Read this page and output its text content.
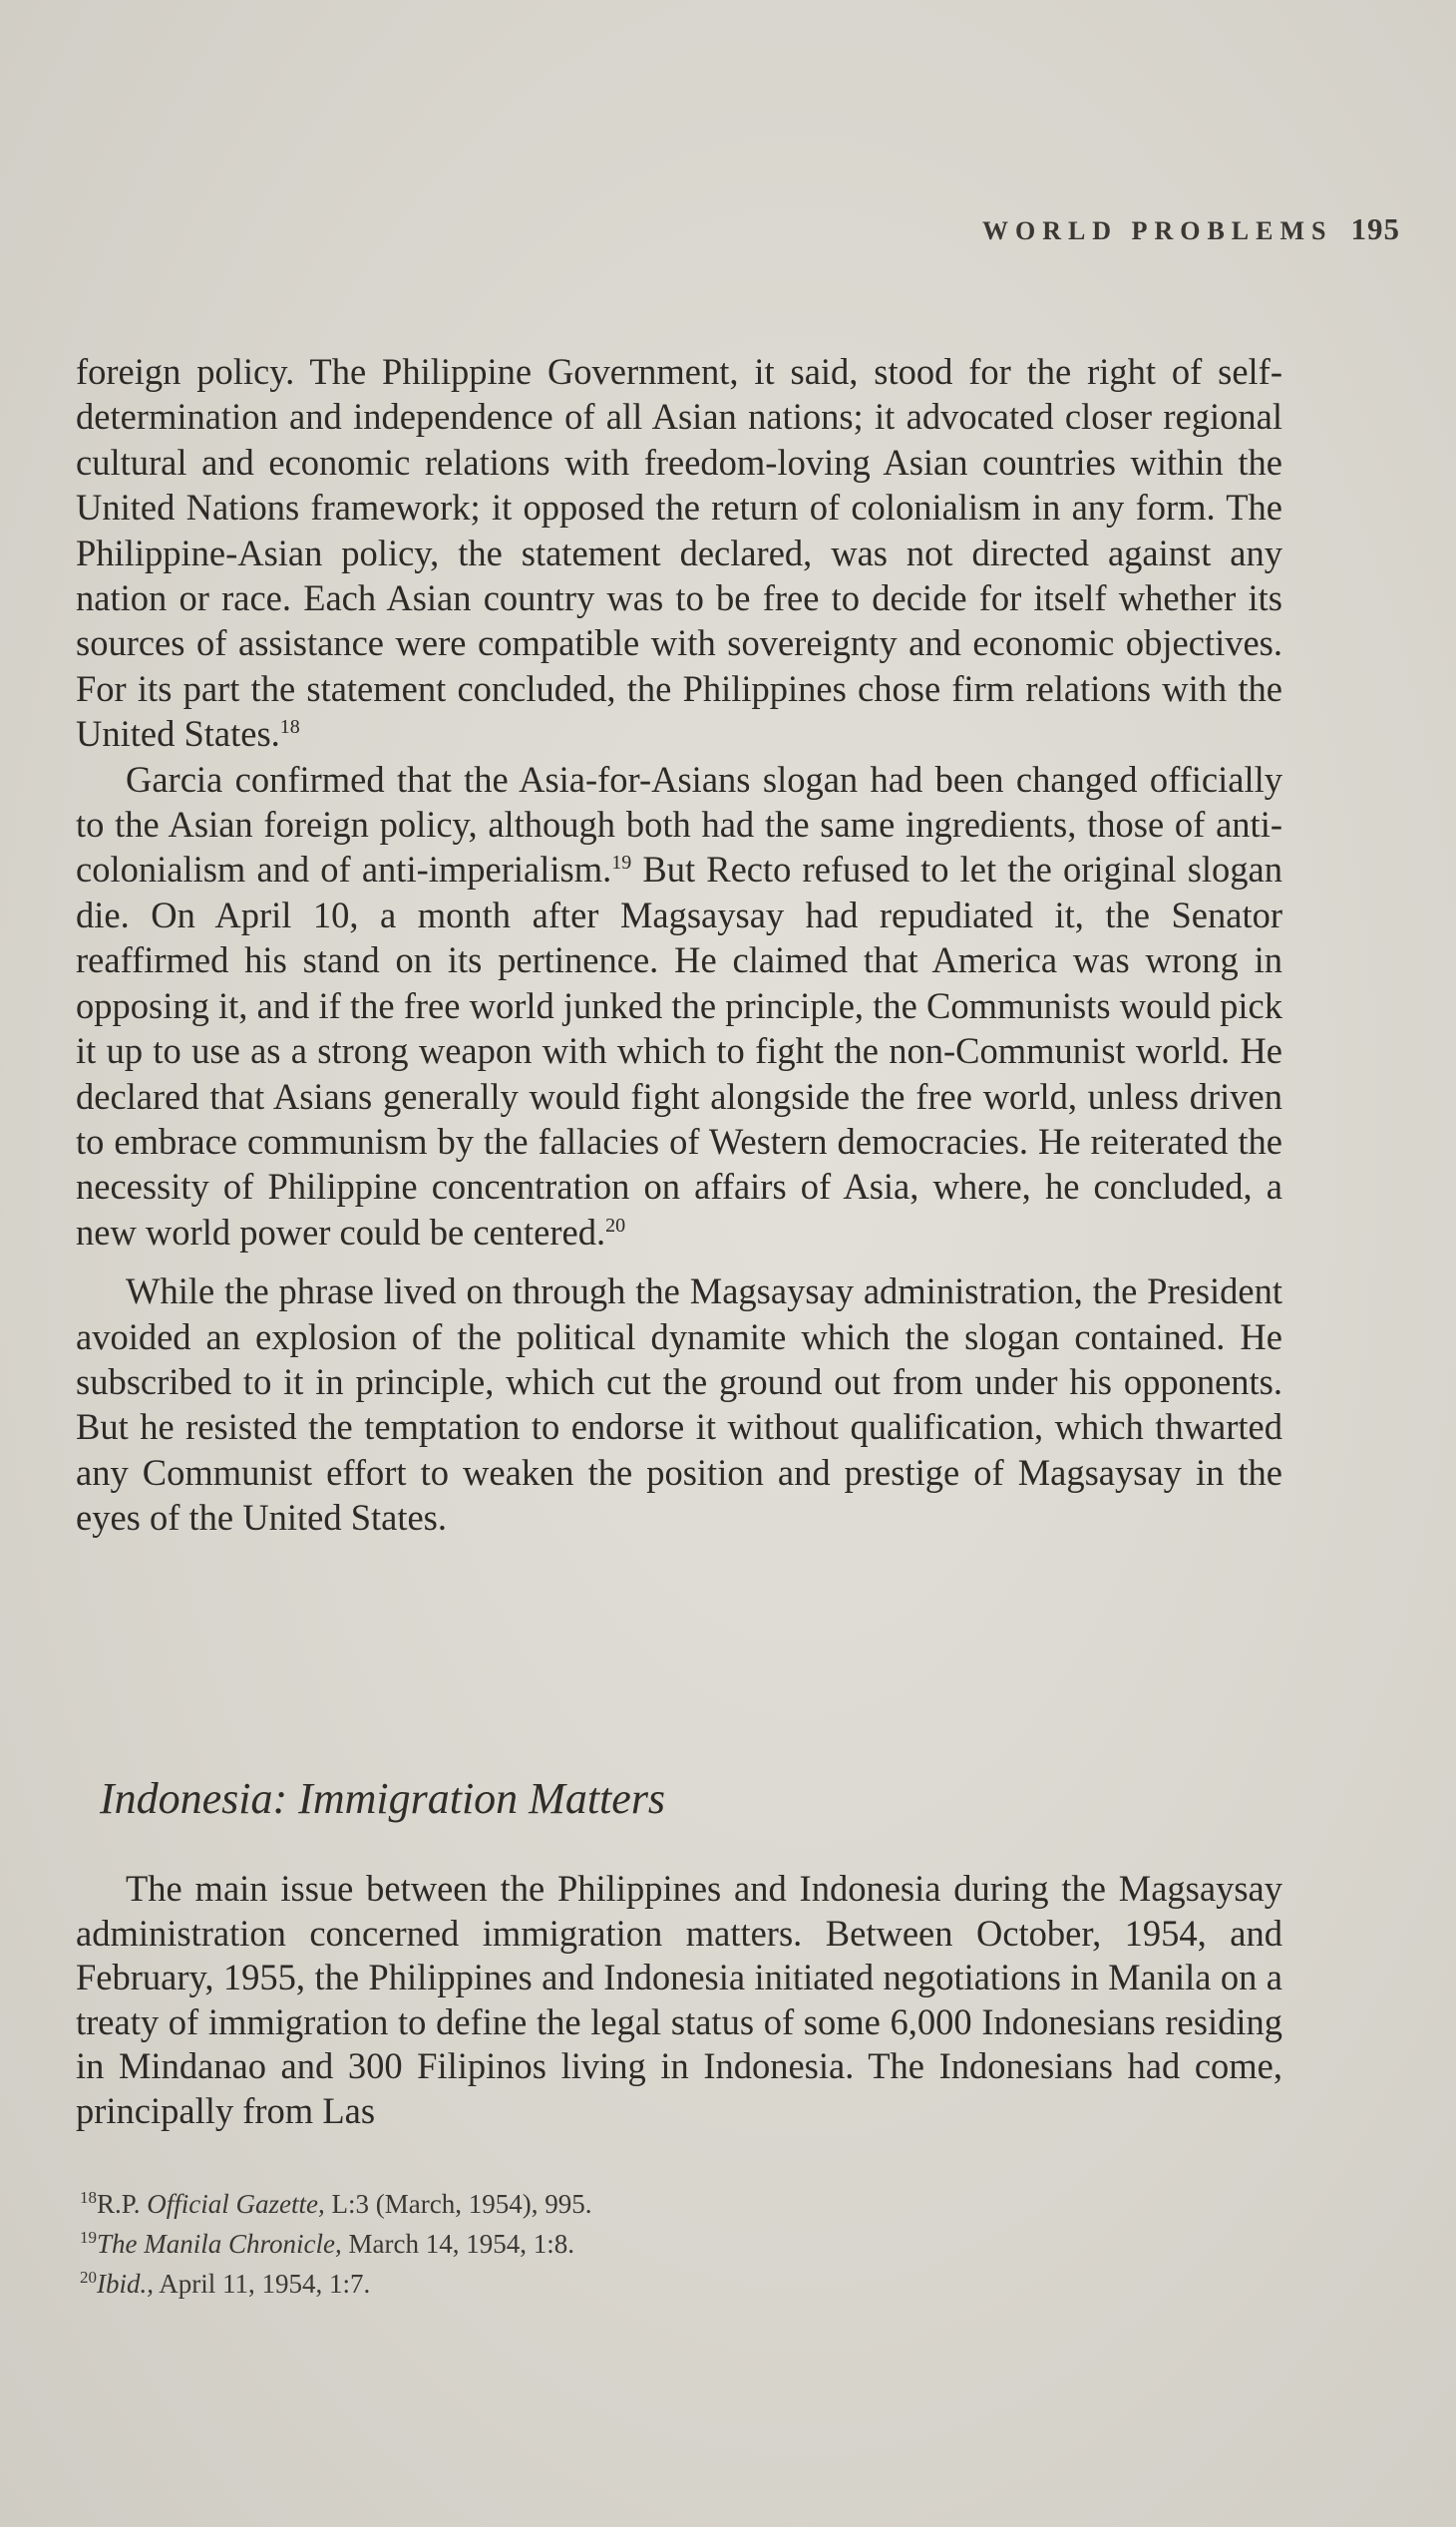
WORLD PROBLEMS 195

foreign policy. The Philippine Government, it said, stood for the right of self-determination and independence of all Asian nations; it advocated closer regional cultural and economic relations with freedom-loving Asian countries within the United Nations framework; it opposed the return of colonialism in any form. The Philippine-Asian policy, the statement declared, was not directed against any nation or race. Each Asian country was to be free to decide for itself whether its sources of assistance were compatible with sovereignty and economic objectives. For its part the statement concluded, the Philippines chose firm relations with the United States.$^{18}$

Garcia confirmed that the Asia-for-Asians slogan had been changed officially to the Asian foreign policy, although both had the same ingredients, those of anti-colonialism and of anti-imperialism.$^{19}$ But Recto refused to let the original slogan die. On April 10, a month after Magsaysay had repudiated it, the Senator reaffirmed his stand on its pertinence. He claimed that America was wrong in opposing it, and if the free world junked the principle, the Communists would pick it up to use as a strong weapon with which to fight the non-Communist world. He declared that Asians generally would fight alongside the free world, unless driven to embrace communism by the fallacies of Western democracies. He reiterated the necessity of Philippine concentration on affairs of Asia, where, he concluded, a new world power could be centered.$^{20}$

While the phrase lived on through the Magsaysay administration, the President avoided an explosion of the political dynamite which the slogan contained. He subscribed to it in principle, which cut the ground out from under his opponents. But he resisted the temptation to endorse it without qualification, which thwarted any Communist effort to weaken the position and prestige of Magsaysay in the eyes of the United States.

Indonesia: Immigration Matters
The main issue between the Philippines and Indonesia during the Magsaysay administration concerned immigration matters. Between October, 1954, and February, 1955, the Philippines and Indonesia initiated negotiations in Manila on a treaty of immigration to define the legal status of some 6,000 Indonesians residing in Mindanao and 300 Filipinos living in Indonesia. The Indonesians had come, principally from Las
$^{18}$R.P. Official Gazette, L:3 (March, 1954), 995.
$^{19}$The Manila Chronicle, March 14, 1954, 1:8.
$^{20}$Ibid., April 11, 1954, 1:7.
